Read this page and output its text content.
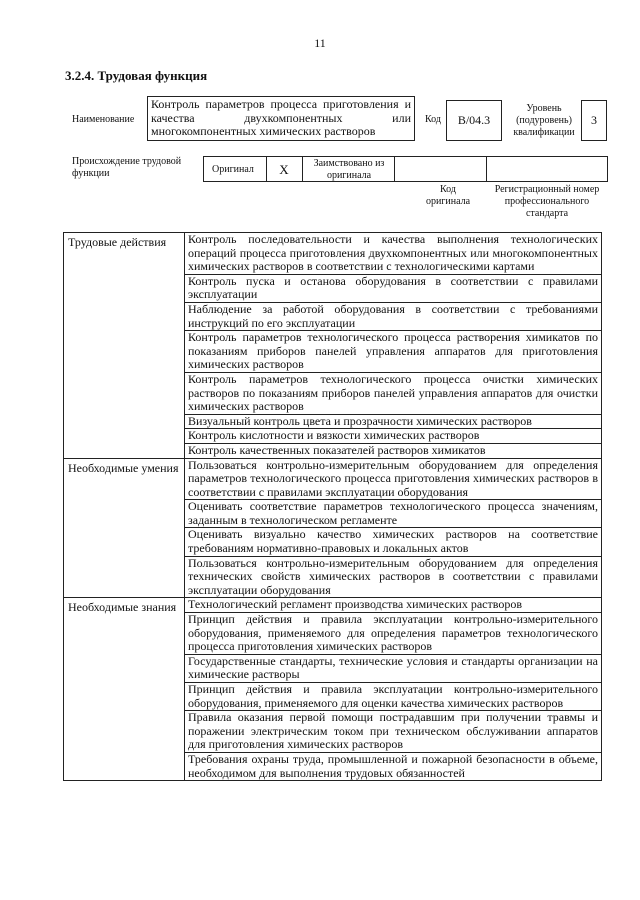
11
3.2.4. Трудовая функция
Наименование
Контроль параметров процесса приготовления и качества двухкомпонентных или многокомпонентных химических растворов
Код B/04.3
Уровень (подуровень) квалификации
3
Происхождение трудовой функции	Оригинал	X	Заимствовано из оригинала
Код оригинала
Регистрационный номер профессионального стандарта
Трудовые действия	Контроль последовательности и качества выполнения технологических операций процесса приготовления двухкомпонентных или многокомпонентных химических растворов в соответствии с технологическими картами
	Контроль пуска и останова оборудования в соответствии с правилами эксплуатации
	Наблюдение за работой оборудования в соответствии с требованиями инструкций по его эксплуатации
	Контроль параметров технологического процесса растворения химикатов по показаниям приборов панелей управления аппаратов для приготовления химических растворов
	Контроль параметров технологического процесса очистки химических растворов по показаниям приборов панелей управления аппаратов для очистки химических растворов
	Визуальный контроль цвета и прозрачности химических растворов
	Контроль кислотности и вязкости химических растворов
	Контроль качественных показателей растворов химикатов
Необходимые умения	Пользоваться контрольно-измерительным оборудованием для определения параметров технологического процесса приготовления химических растворов в соответствии с правилами эксплуатации оборудования
	Оценивать соответствие параметров технологического процесса значениям, заданным в технологическом регламенте
	Оценивать визуально качество химических растворов на соответствие требованиям нормативно-правовых и локальных актов
	Пользоваться контрольно-измерительным оборудованием для определения технических свойств химических растворов в соответствии с правилами эксплуатации оборудования
Необходимые знания	Технологический регламент производства химических растворов
	Принцип действия и правила эксплуатации контрольно-измерительного оборудования, применяемого для определения параметров технологического процесса приготовления химических растворов
	Государственные стандарты, технические условия и стандарты организации на химические растворы
	Принцип действия и правила эксплуатации контрольно-измерительного оборудования, применяемого для оценки качества химических растворов
	Правила оказания первой помощи пострадавшим при получении травмы и поражении электрическим током при техническом обслуживании аппаратов для приготовления химических растворов
	Требования охраны труда, промышленной и пожарной безопасности в объеме, необходимом для выполнения трудовых обязанностей
